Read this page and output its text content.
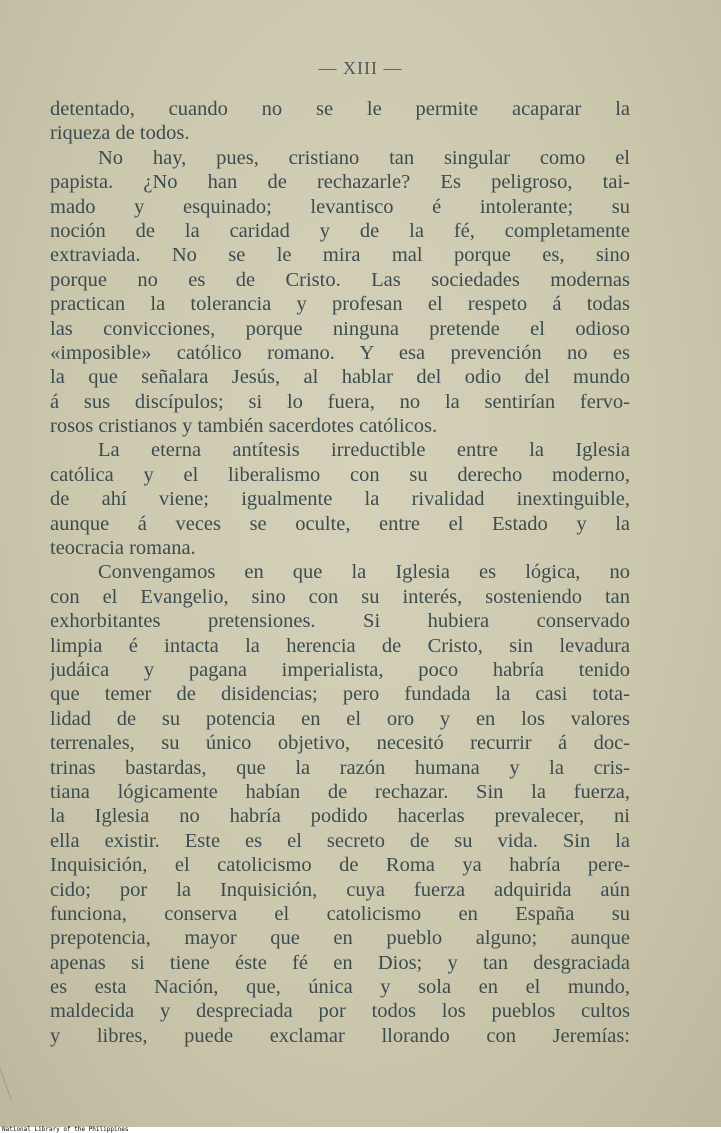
— XIII —
detentado, cuando no se le permite acaparar la
riqueza de todos.
No hay, pues, cristiano tan singular como el
papista. ¿No han de rechazarle? Es peligroso, tai-
mado y esquinado; levantisco é intolerante; su
noción de la caridad y de la fé, completamente
extraviada. No se le mira mal porque es, sino
porque no es de Cristo. Las sociedades modernas
practican la tolerancia y profesan el respeto á todas
las convicciones, porque ninguna pretende el odioso
«imposible» católico romano. Y esa prevención no es
la que señalara Jesús, al hablar del odio del mundo
á sus discípulos; si lo fuera, no la sentirían fervo-
rosos cristianos y también sacerdotes católicos.
La eterna antítesis irreductible entre la Iglesia
católica y el liberalismo con su derecho moderno,
de ahí viene; igualmente la rivalidad inextinguible,
aunque á veces se oculte, entre el Estado y la
teocracia romana.
Convengamos en que la Iglesia es lógica, no
con el Evangelio, sino con su interés, sosteniendo tan
exhorbitantes pretensiones. Si hubiera conservado
limpia é intacta la herencia de Cristo, sin levadura
judáica y pagana imperialista, poco habría tenido
que temer de disidencias; pero fundada la casi tota-
lidad de su potencia en el oro y en los valores
terrenales, su único objetivo, necesitó recurrir á doc-
trinas bastardas, que la razón humana y la cris-
tiana lógicamente habían de rechazar. Sin la fuerza,
la Iglesia no habría podido hacerlas prevalecer, ni
ella existir. Este es el secreto de su vida. Sin la
Inquisición, el catolicismo de Roma ya habría pere-
cido; por la Inquisición, cuya fuerza adquirida aún
funciona, conserva el catolicismo en España su
prepotencia, mayor que en pueblo alguno; aunque
apenas si tiene éste fé en Dios; y tan desgraciada
es esta Nación, que, única y sola en el mundo,
maldecida y despreciada por todos los pueblos cultos
y libres, puede exclamar llorando con Jeremías:
National Library of the Philippines
